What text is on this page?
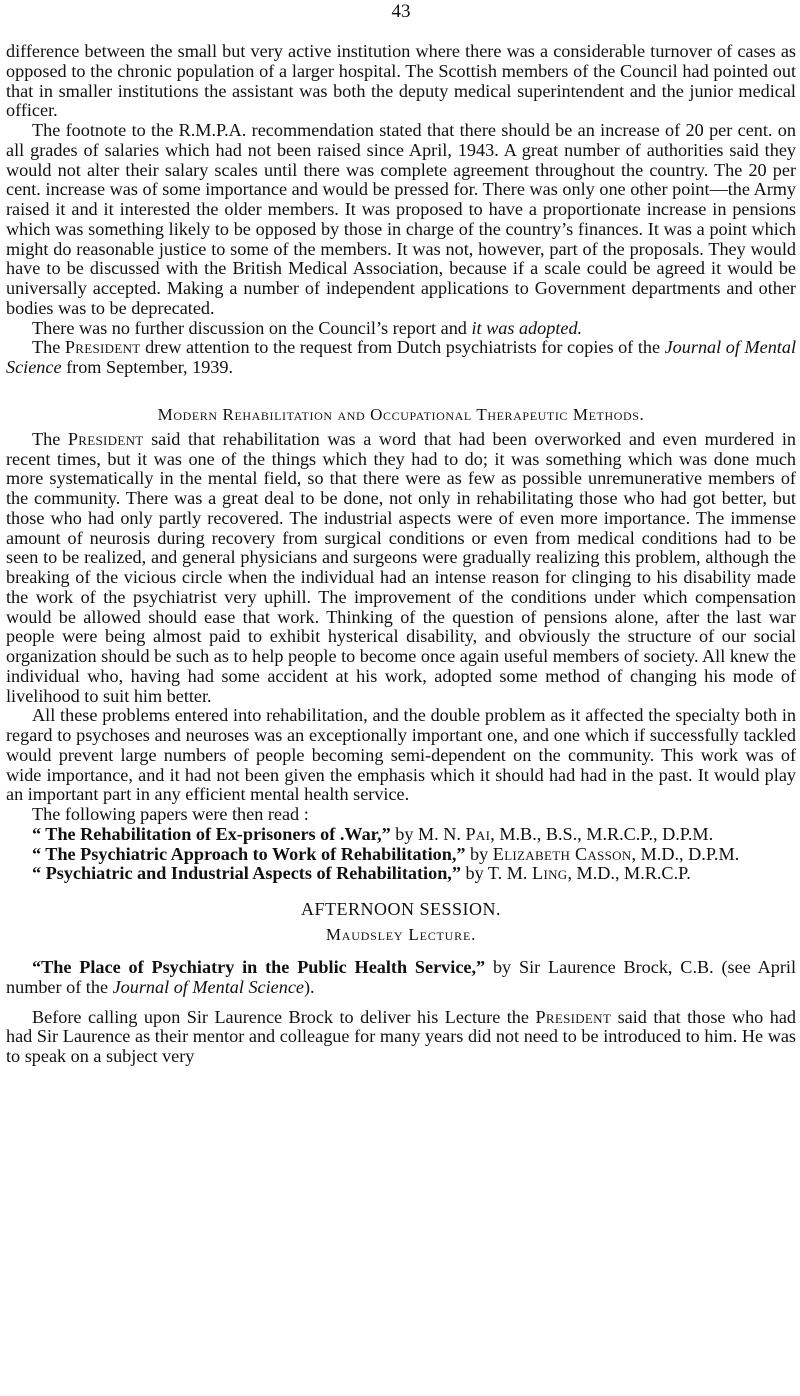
43

difference between the small but very active institution where there was a considerable turnover of cases as opposed to the chronic population of a larger hospital. The Scottish members of the Council had pointed out that in smaller institutions the assistant was both the deputy medical superintendent and the junior medical officer.

The footnote to the R.M.P.A. recommendation stated that there should be an increase of 20 per cent. on all grades of salaries which had not been raised since April, 1943. A great number of authorities said they would not alter their salary scales until there was complete agreement throughout the country. The 20 per cent. increase was of some importance and would be pressed for. There was only one other point—the Army raised it and it interested the older members. It was proposed to have a proportionate increase in pensions which was something likely to be opposed by those in charge of the country’s finances. It was a point which might do reasonable justice to some of the members. It was not, however, part of the proposals. They would have to be discussed with the British Medical Association, because if a scale could be agreed it would be universally accepted. Making a number of independent applications to Government departments and other bodies was to be deprecated.

There was no further discussion on the Council’s report and it was adopted.

The President drew attention to the request from Dutch psychiatrists for copies of the Journal of Mental Science from September, 1939.

Modern Rehabilitation and Occupational Therapeutic Methods.

The President said that rehabilitation was a word that had been overworked and even murdered in recent times, but it was one of the things which they had to do; it was something which was done much more systematically in the mental field, so that there were as few as possible unremunerative members of the community. There was a great deal to be done, not only in rehabilitating those who had got better, but those who had only partly recovered. The industrial aspects were of even more importance. The immense amount of neurosis during recovery from surgical conditions or even from medical conditions had to be seen to be realized, and general physicians and surgeons were gradually realizing this problem, although the breaking of the vicious circle when the individual had an intense reason for clinging to his disability made the work of the psychiatrist very uphill. The improvement of the conditions under which compensation would be allowed should ease that work. Thinking of the question of pensions alone, after the last war people were being almost paid to exhibit hysterical disability, and obviously the structure of our social organization should be such as to help people to become once again useful members of society. All knew the individual who, having had some accident at his work, adopted some method of changing his mode of livelihood to suit him better.

All these problems entered into rehabilitation, and the double problem as it affected the specialty both in regard to psychoses and neuroses was an exceptionally important one, and one which if successfully tackled would prevent large numbers of people becoming semi-dependent on the community. This work was of wide importance, and it had not been given the emphasis which it should had had in the past. It would play an important part in any efficient mental health service.

The following papers were then read :

“ The Rehabilitation of Ex-prisoners of .War,” by M. N. Pai, M.B., B.S., M.R.C.P., D.P.M.

“ The Psychiatric Approach to Work of Rehabilitation,” by Elizabeth Casson, M.D., D.P.M.

“ Psychiatric and Industrial Aspects of Rehabilitation,” by T. M. Ling, M.D., M.R.C.P.

AFTERNOON SESSION.
Maudsley Lecture.

“The Place of Psychiatry in the Public Health Service,” by Sir Laurence Brock, C.B. (see April number of the Journal of Mental Science).

Before calling upon Sir Laurence Brock to deliver his Lecture the President said that those who had had Sir Laurence as their mentor and colleague for many years did not need to be introduced to him. He was to speak on a subject very
